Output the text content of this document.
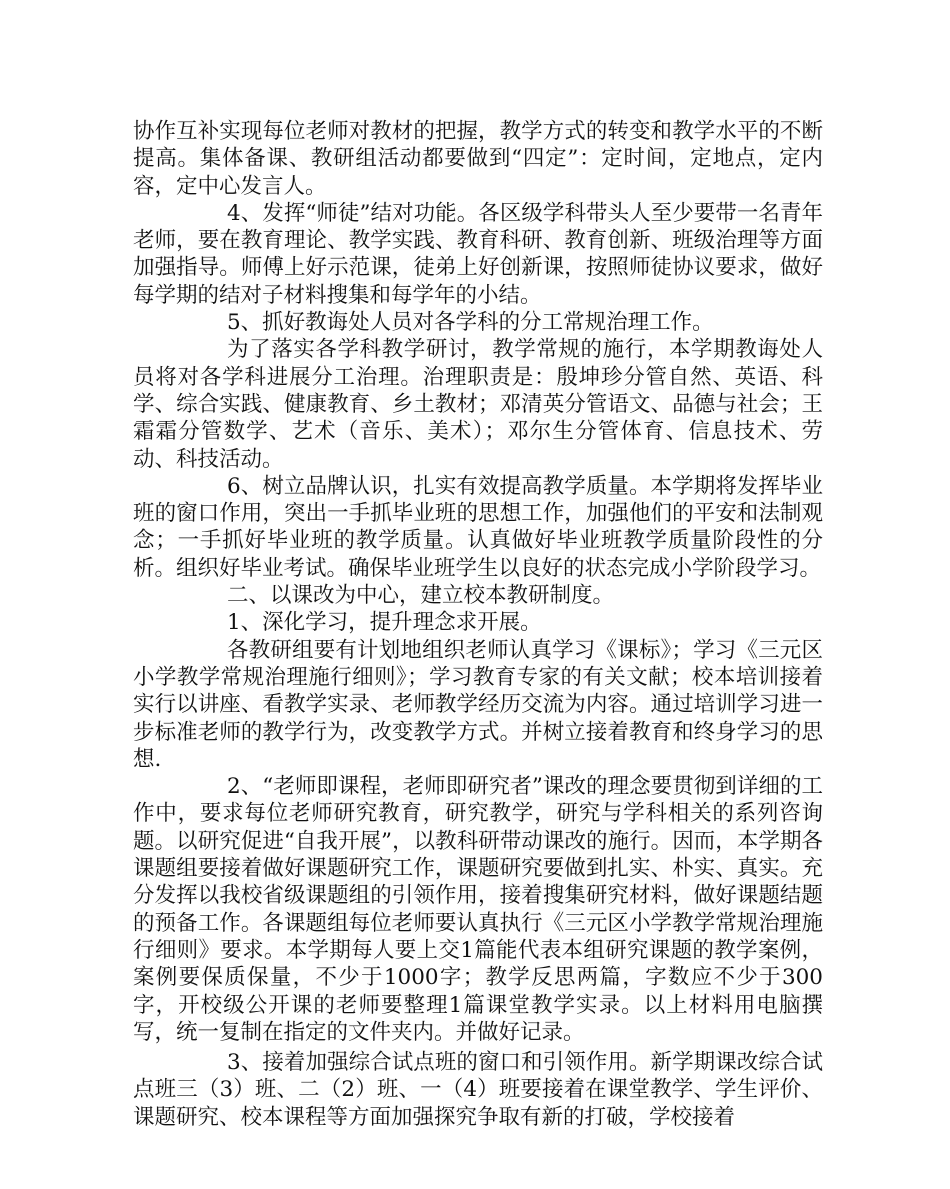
协作互补实现每位老师对教材的把握，教学方式的转变和教学水平的不断提高。集体备课、教研组活动都要做到“四定”：定时间，定地点，定内容，定中心发言人。

4、发挥“师徒”结对功能。各区级学科带头人至少要带一名青年老师，要在教育理论、教学实践、教育科研、教育创新、班级治理等方面加强指导。师傅上好示范课，徒弟上好创新课，按照师徒协议要求，做好每学期的结对子材料搜集和每学年的小结。

5、抓好教诲处人员对各学科的分工常规治理工作。

为了落实各学科教学研讨，教学常规的施行，本学期教诲处人员将对各学科进展分工治理。治理职责是：殷坤珍分管自然、英语、科学、综合实践、健康教育、乡土教材；邓清英分管语文、品德与社会；王霜霜分管数学、艺术（音乐、美术）；邓尔生分管体育、信息技术、劳动、科技活动。

6、树立品牌认识，扎实有效提高教学质量。本学期将发挥毕业班的窗口作用，突出一手抓毕业班的思想工作，加强他们的平安和法制观念；一手抓好毕业班的教学质量。认真做好毕业班教学质量阶段性的分析。组织好毕业考试。确保毕业班学生以良好的状态完成小学阶段学习。

二、以课改为中心，建立校本教研制度。

1、深化学习，提升理念求开展。

各教研组要有计划地组织老师认真学习《课标》；学习《三元区小学教学常规治理施行细则》；学习教育专家的有关文献；校本培训接着实行以讲座、看教学实录、老师教学经历交流为内容。通过培训学习进一步标准老师的教学行为，改变教学方式。并树立接着教育和终身学习的思想.

2、“老师即课程，老师即研究者”课改的理念要贯彻到详细的工作中，要求每位老师研究教育，研究教学，研究与学科相关的系列咨询题。以研究促进“自我开展”，以教科研带动课改的施行。因而，本学期各课题组要接着做好课题研究工作，课题研究要做到扎实、朴实、真实。充分发挥以我校省级课题组的引领作用，接着搜集研究材料，做好课题结题的预备工作。各课题组每位老师要认真执行《三元区小学教学常规治理施行细则》要求。本学期每人要上交1篇能代表本组研究课题的教学案例，案例要保质保量，不少于1000字；教学反思两篇，字数应不少于300字，开校级公开课的老师要整理1篇课堂教学实录。以上材料用电脑撰写，统一复制在指定的文件夹内。并做好记录。

3、接着加强综合试点班的窗口和引领作用。新学期课改综合试点班三（3）班、二（2）班、一（4）班要接着在课堂教学、学生评价、课题研究、校本课程等方面加强探究争取有新的打破，学校接着
